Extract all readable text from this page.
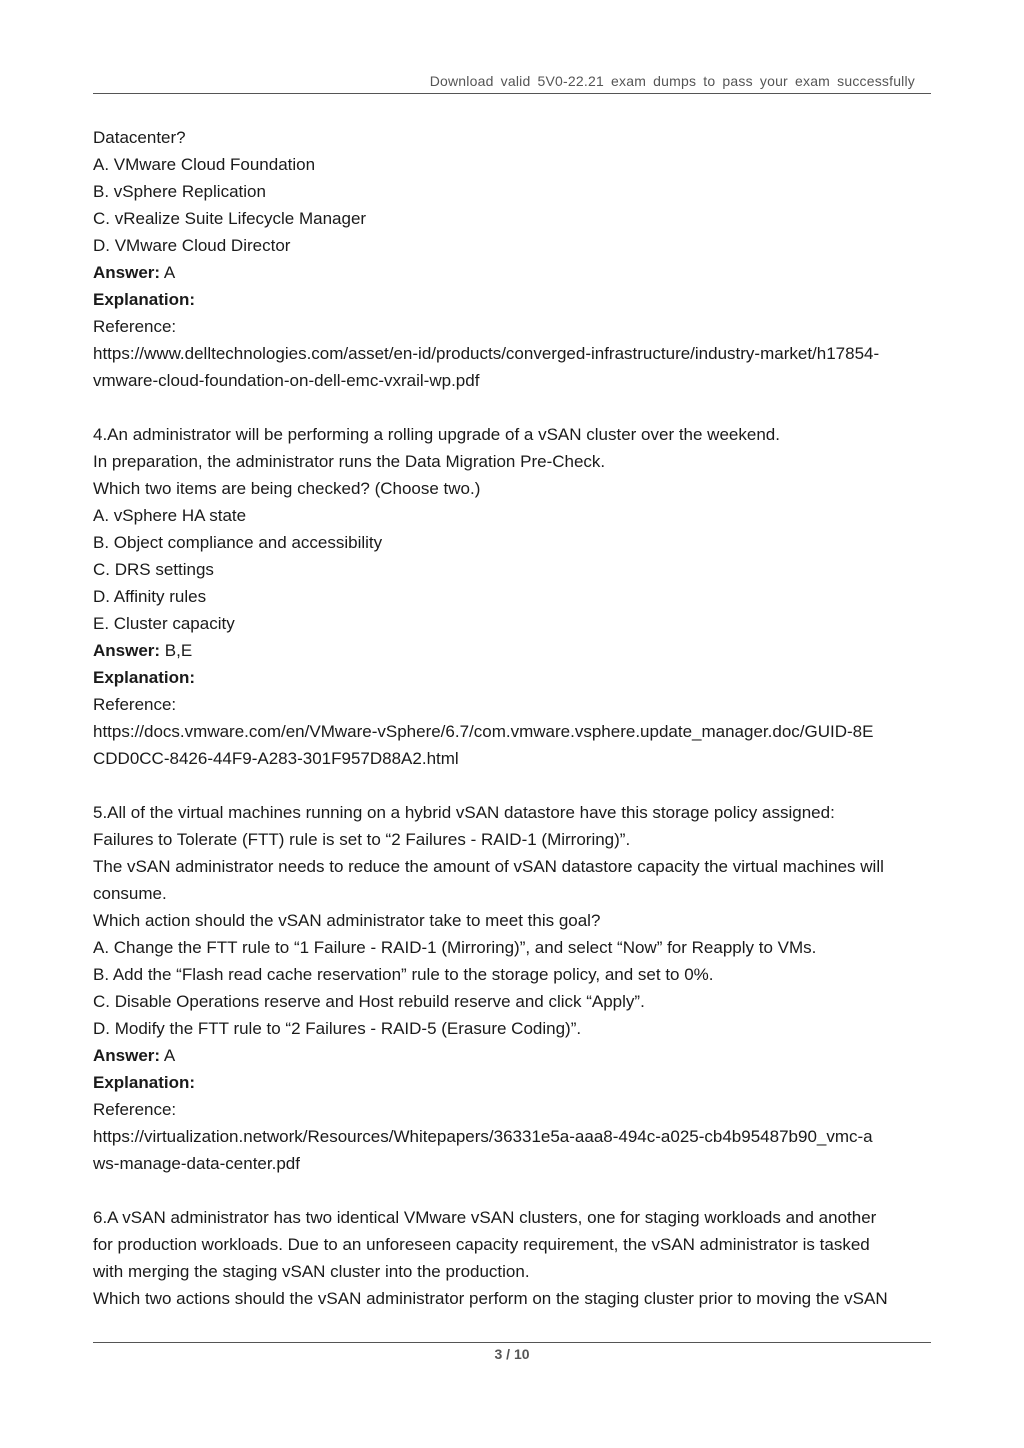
Download valid 5V0-22.21 exam dumps to pass your exam successfully
Datacenter?
A. VMware Cloud Foundation
B. vSphere Replication
C. vRealize Suite Lifecycle Manager
D. VMware Cloud Director
Answer: A
Explanation:
Reference:
https://www.delltechnologies.com/asset/en-id/products/converged-infrastructure/industry-market/h17854-
vmware-cloud-foundation-on-dell-emc-vxrail-wp.pdf
4.An administrator will be performing a rolling upgrade of a vSAN cluster over the weekend.
In preparation, the administrator runs the Data Migration Pre-Check.
Which two items are being checked? (Choose two.)
A. vSphere HA state
B. Object compliance and accessibility
C. DRS settings
D. Affinity rules
E. Cluster capacity
Answer: B,E
Explanation:
Reference:
https://docs.vmware.com/en/VMware-vSphere/6.7/com.vmware.vsphere.update_manager.doc/GUID-8E
CDD0CC-8426-44F9-A283-301F957D88A2.html
5.All of the virtual machines running on a hybrid vSAN datastore have this storage policy assigned:
Failures to Tolerate (FTT) rule is set to “2 Failures - RAID-1 (Mirroring)”.
The vSAN administrator needs to reduce the amount of vSAN datastore capacity the virtual machines will
consume.
Which action should the vSAN administrator take to meet this goal?
A. Change the FTT rule to “1 Failure - RAID-1 (Mirroring)”, and select “Now” for Reapply to VMs.
B. Add the “Flash read cache reservation” rule to the storage policy, and set to 0%.
C. Disable Operations reserve and Host rebuild reserve and click “Apply”.
D. Modify the FTT rule to “2 Failures - RAID-5 (Erasure Coding)”.
Answer: A
Explanation:
Reference:
https://virtualization.network/Resources/Whitepapers/36331e5a-aaa8-494c-a025-cb4b95487b90_vmc-a
ws-manage-data-center.pdf
6.A vSAN administrator has two identical VMware vSAN clusters, one for staging workloads and another
for production workloads. Due to an unforeseen capacity requirement, the vSAN administrator is tasked
with merging the staging vSAN cluster into the production.
Which two actions should the vSAN administrator perform on the staging cluster prior to moving the vSAN
3 / 10
